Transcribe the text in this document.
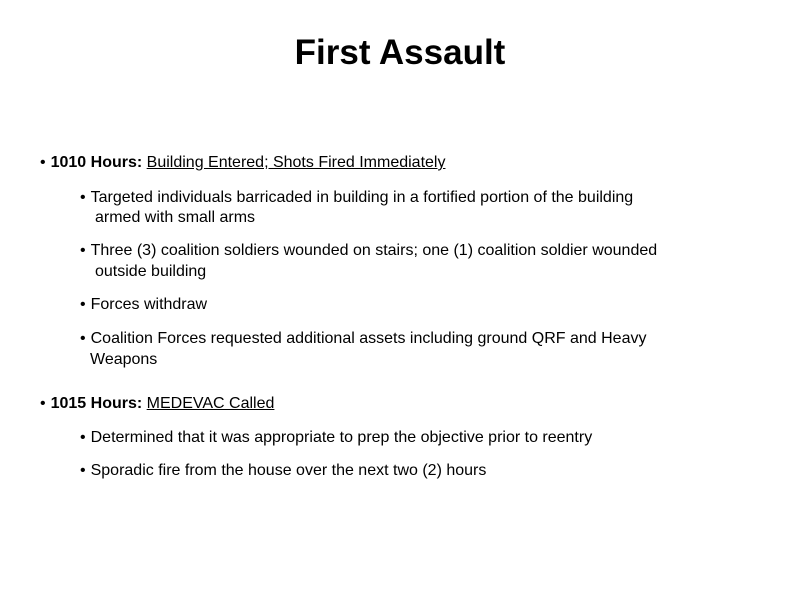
First Assault
• 1010 Hours: Building Entered; Shots Fired Immediately
• Targeted individuals barricaded in building in a fortified portion of the building
armed with small arms
• Three (3) coalition soldiers wounded on stairs; one (1) coalition soldier wounded
outside building
• Forces withdraw
• Coalition Forces requested additional assets including ground QRF and Heavy
Weapons
• 1015 Hours: MEDEVAC Called
• Determined that it was appropriate to prep the objective prior to reentry
• Sporadic fire from the house over the next two (2) hours
